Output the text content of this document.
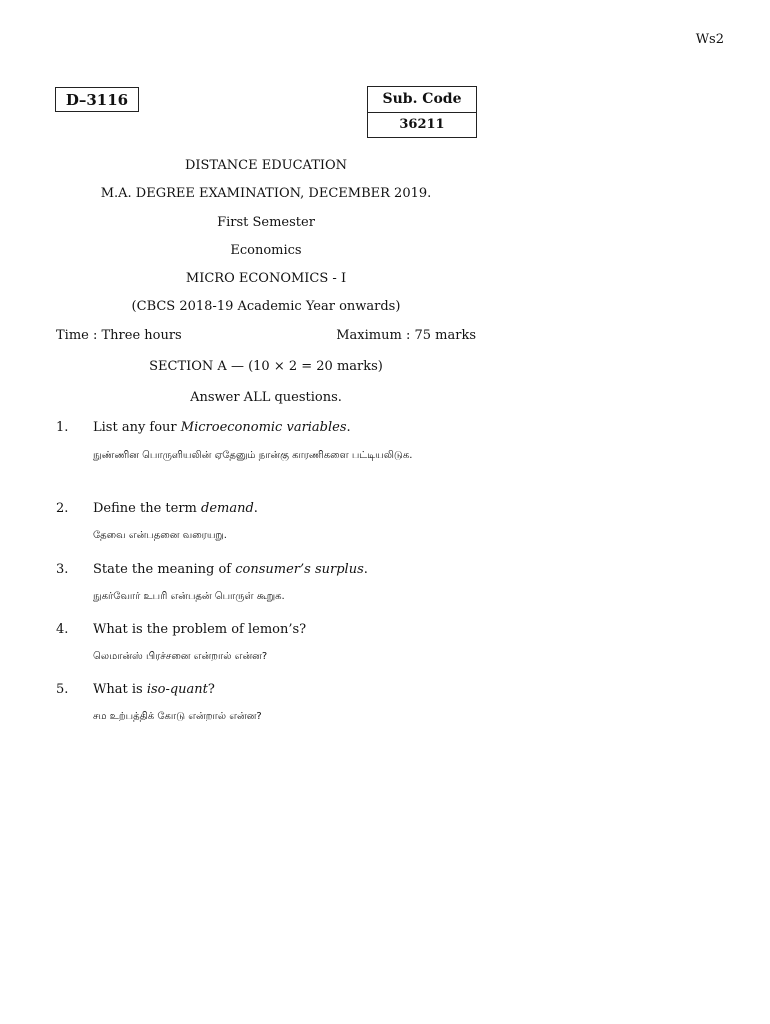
Ws2
D–3116	Sub. Code
36211
DISTANCE EDUCATION
M.A. DEGREE EXAMINATION, DECEMBER 2019.
First Semester
Economics
MICRO ECONOMICS - I
(CBCS 2018-19 Academic Year onwards)
Time : Three hours	Maximum : 75 marks
SECTION A — (10 × 2 = 20 marks)
Answer ALL questions.
1. List any four Microeconomic variables.
நுண்ணின பொருளியலின் ஏதேனும் நான்கு காரணிகளை பட்டியலிடுக.
2. Define the term demand.
தேவை என்பதனை வரையறு.
3. State the meaning of consumer’s surplus.
நுகர்வோர் உபரி என்பதன் பொருள் கூறுக.
4. What is the problem of lemon’s?
லெமான்ஸ் பிரச்சனை என்றால் என்ன?
5. What is iso-quant?
சம உற்பத்திக் கோடு என்றால் என்ன?
